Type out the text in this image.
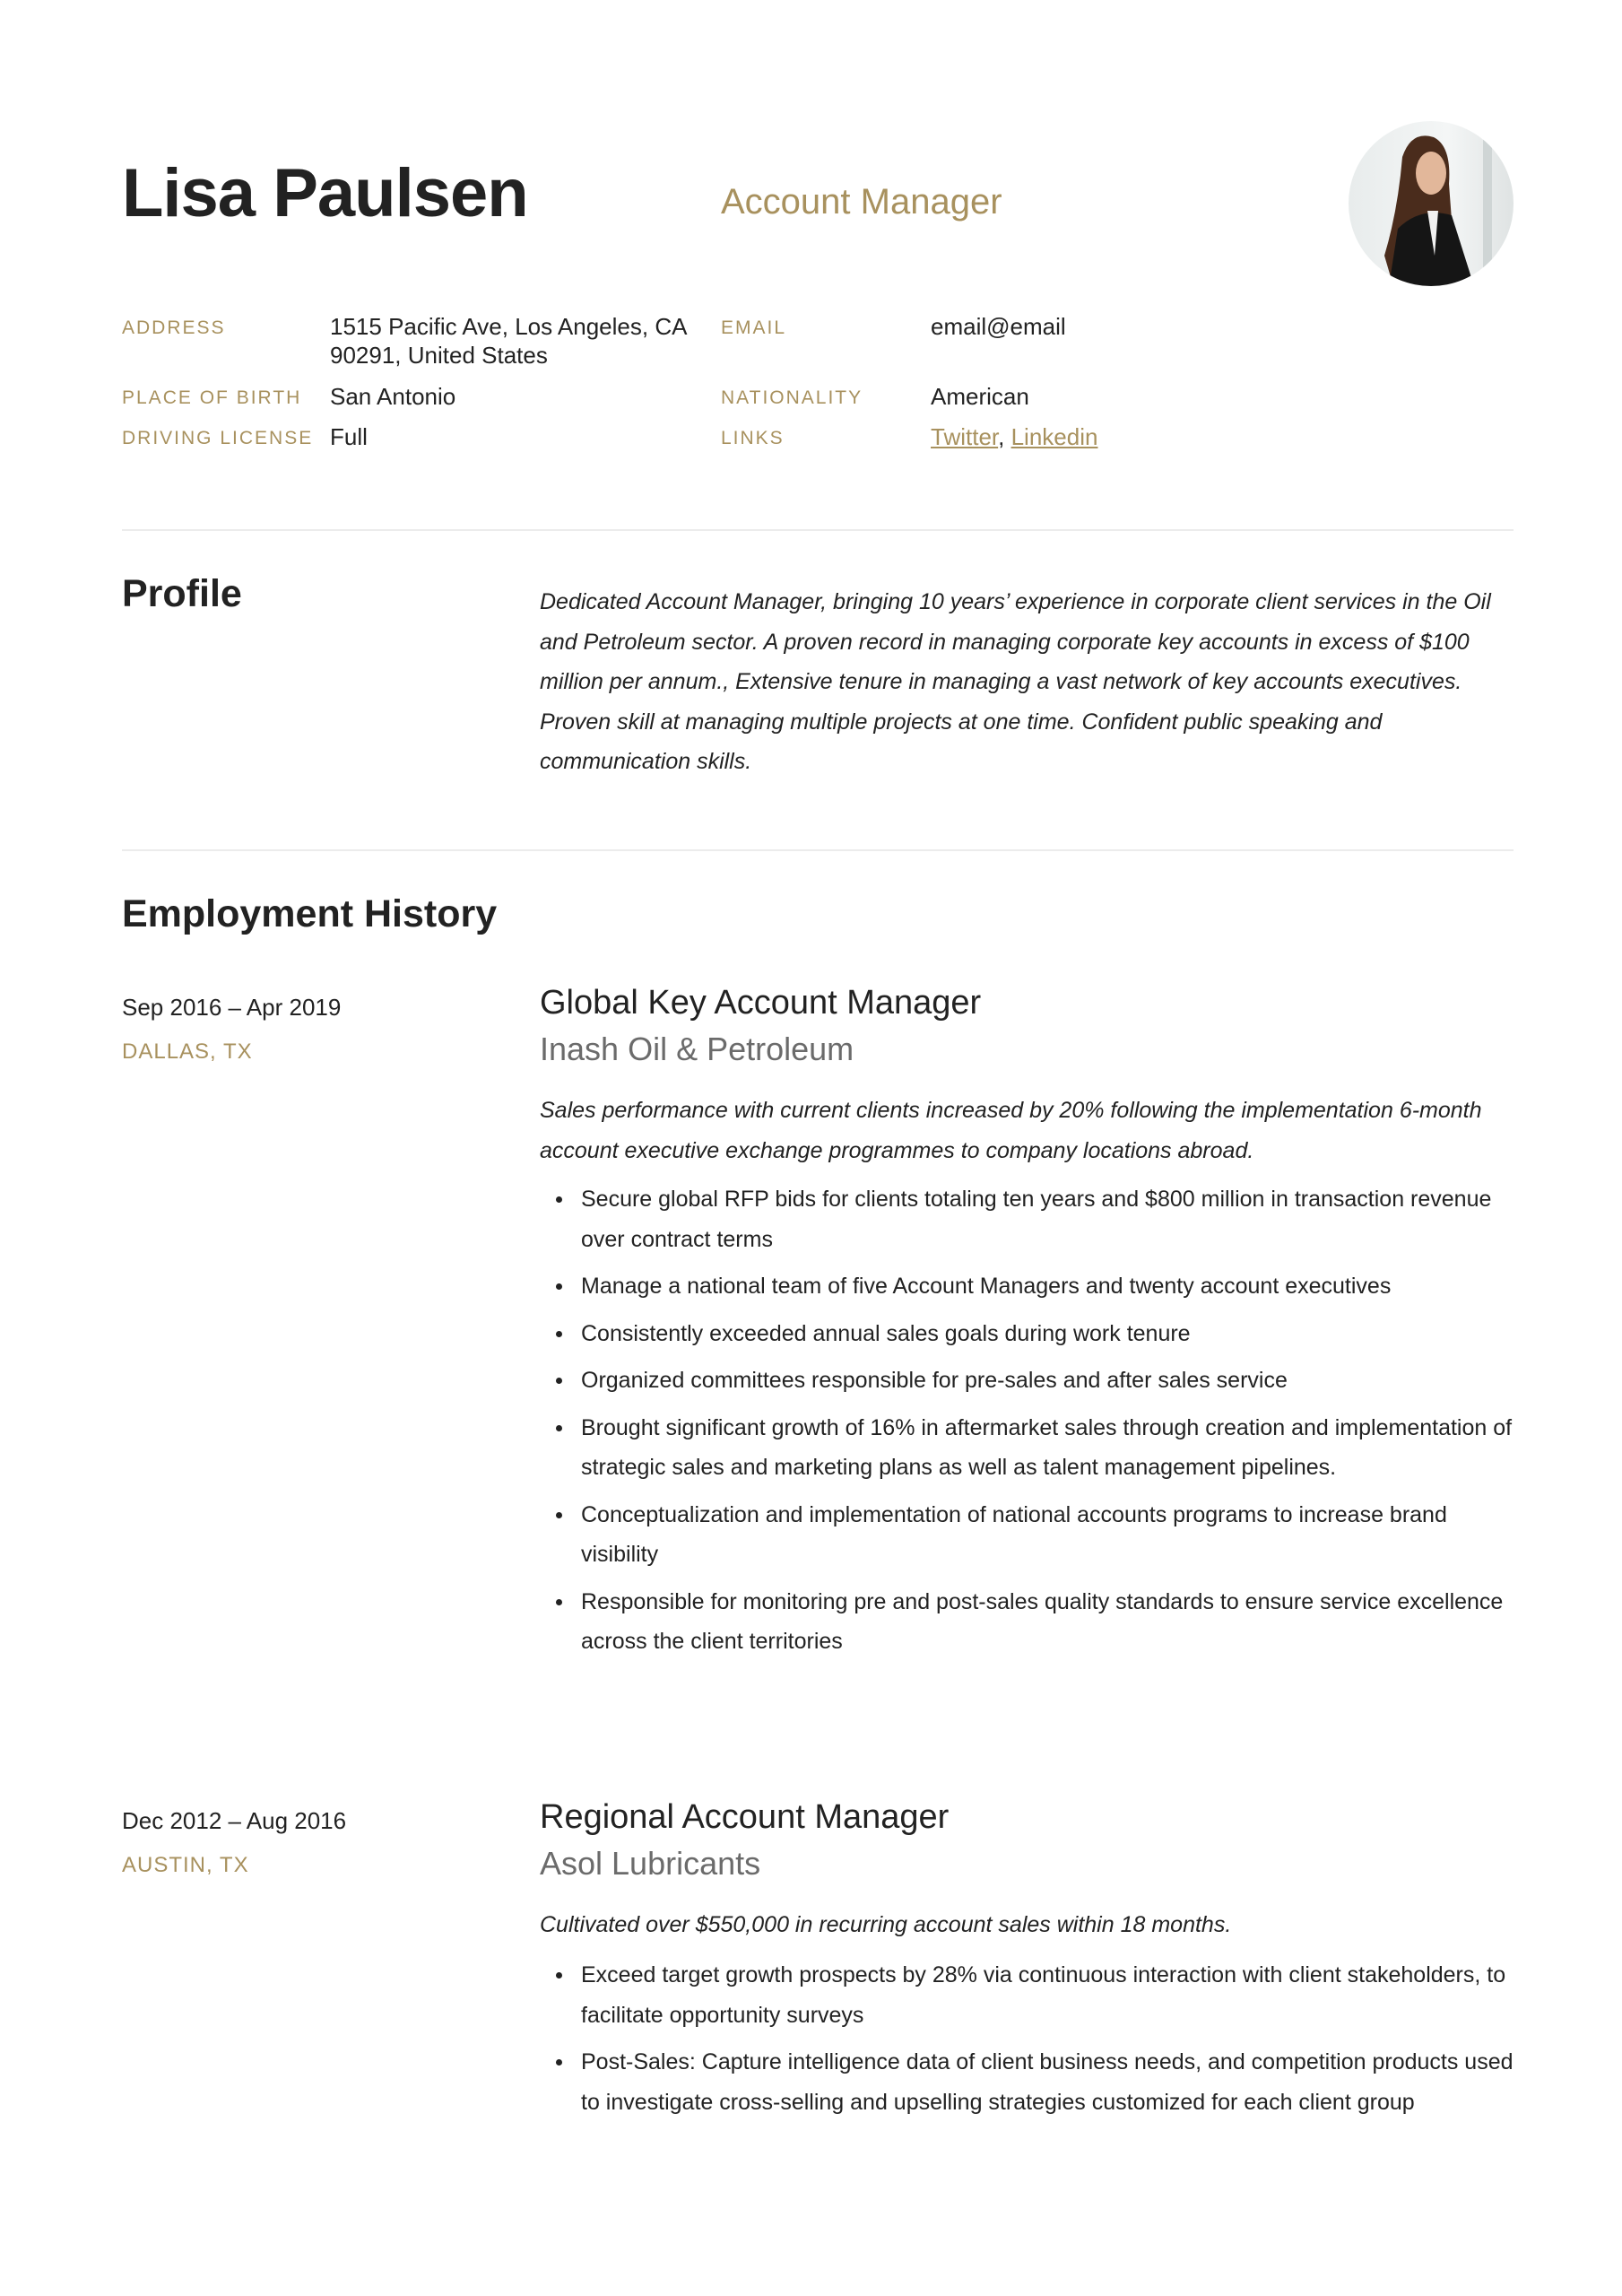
Lisa Paulsen	Account Manager
ADDRESS	1515 Pacific Ave, Los Angeles, CA
90291, United States
PLACE OF BIRTH San Antonio
DRIVING LICENSE Full
EMAIL	email@email
NATIONALITY	American
LINKS	Twitter, Linkedin
Profile	Dedicated Account Manager, bringing 10 years’ experience in corporate client services in the Oil and Petroleum sector. A proven record in managing corporate key accounts in excess of $100 million per annum., Extensive tenure in managing a vast network of key accounts executives. Proven skill at managing multiple projects at one time. Confident public speaking and communication skills.
Employment History
Sep 2016 – Apr 2019
DALLAS, TX
Global Key Account Manager
Inash Oil & Petroleum
Sales performance with current clients increased by 20% following the implementation 6-month account executive exchange programmes to company locations abroad.
Secure global RFP bids for clients totaling ten years and $800 million in transaction revenue over contract terms
Manage a national team of five Account Managers and twenty account executives
Consistently exceeded annual sales goals during work tenure
Organized committees responsible for pre-sales and after sales service
Brought significant growth of 16% in aftermarket sales through creation and implementation of strategic sales and marketing plans as well as talent management pipelines.
Conceptualization and implementation of national accounts programs to increase brand visibility
Responsible for monitoring pre and post-sales quality standards to ensure service excellence across the client territories
Dec 2012 – Aug 2016
AUSTIN, TX
Regional Account Manager
Asol Lubricants
Cultivated over $550,000 in recurring account sales within 18 months.
Exceed target growth prospects by 28% via continuous interaction with client stakeholders, to facilitate opportunity surveys
Post-Sales: Capture intelligence data of client business needs, and competition products used to investigate cross-selling and upselling strategies customized for each client group
